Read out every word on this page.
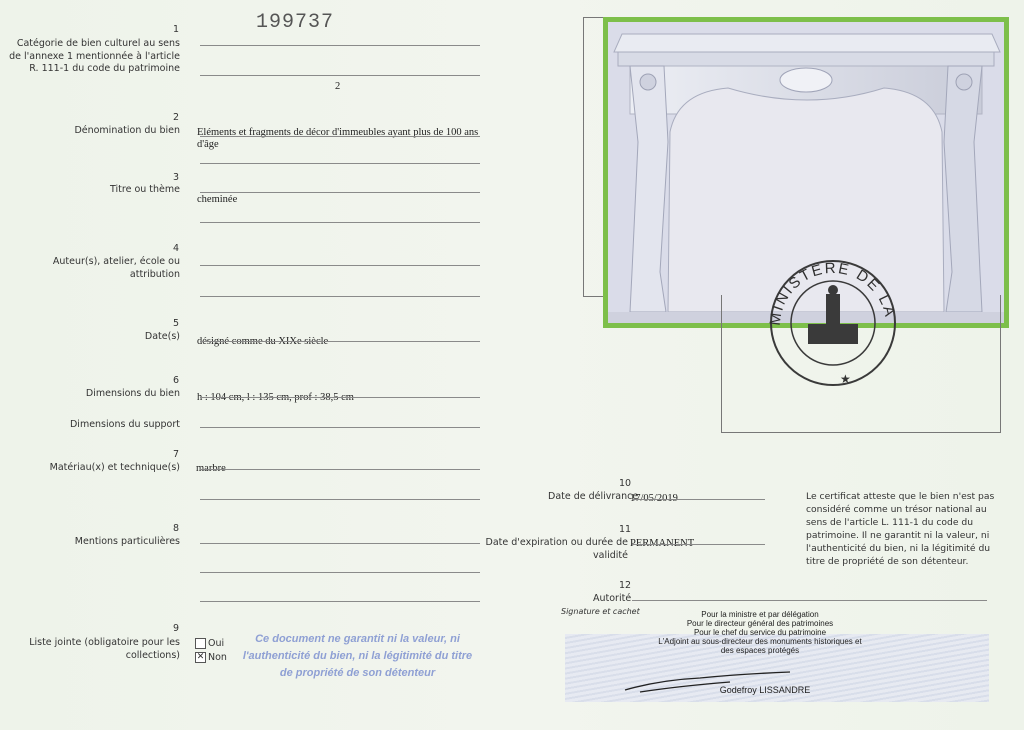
199737
1
Catégorie de bien culturel au sens de l'annexe 1 mentionnée à l'article R. 111-1 du code du patrimoine
2
2
Dénomination du bien Eléments et fragments de décor d'immeubles ayant plus de 100 ans d'âge
3
Titre ou thème
cheminée
4
Auteur(s), atelier, école ou attribution
5
Date(s) désigné comme du XIXe siècle
6
Dimensions du bien h : 104 cm, l : 135 cm, prof : 38,5 cm
Dimensions du support
7
Matériau(x) et technique(s) marbre
8
Mentions particulières
9
Liste jointe (obligatoire pour les collections)
Oui
✕ Non
Ce document ne garantit ni la valeur, ni l'authenticité du bien, ni la légitimité du titre de propriété de son détenteur
MINISTERE DE LA
★
10
Date de délivrance
17/05/2019
11
Date d'expiration ou durée de validité
PERMANENT
Le certificat atteste que le bien n'est pas considéré comme un trésor national au sens de l'article L. 111-1 du code du patrimoine. Il ne garantit ni la valeur, ni l'authenticité du bien, ni la légitimité du titre de propriété de son détenteur.
12
Autorité
Signature et cachet	Pour la ministre et par délégation
Pour le directeur général des patrimoines
Pour le chef du service du patrimoine
L'Adjoint au sous-directeur des monuments historiques et
des espaces protégés
Godefroy LISSANDRE
